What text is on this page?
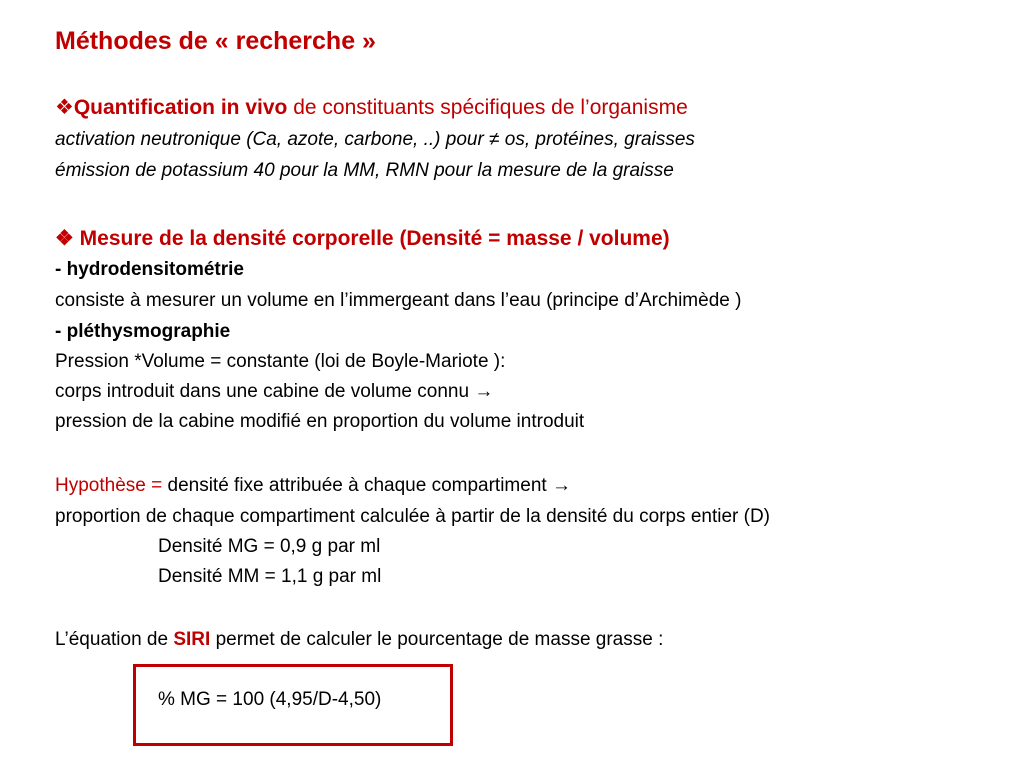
Méthodes de « recherche »
❖Quantification in vivo de constituants spécifiques de l’organisme
activation neutronique (Ca, azote, carbone, ..) pour ≠ os, protéines, graisses
émission de potassium 40 pour la MM, RMN pour la mesure de la graisse
❖ Mesure de la densité corporelle (Densité = masse / volume)
- hydrodensitométrie
consiste à mesurer un volume en l’immergeant dans l’eau (principe d’Archimède )
- pléthysmographie
Pression *Volume = constante (loi de Boyle-Mariote ):
corps introduit dans une cabine de volume connu →
pression de la cabine modifié en proportion du volume introduit
Hypothèse = densité fixe attribuée à chaque compartiment →
proportion de chaque compartiment calculée à partir de la densité du corps entier (D)
Densité MG = 0,9 g par ml
Densité MM = 1,1 g par ml
L’équation de SIRI permet de calculer le pourcentage de masse grasse :
% MG = 100 (4,95/D-4,50)
